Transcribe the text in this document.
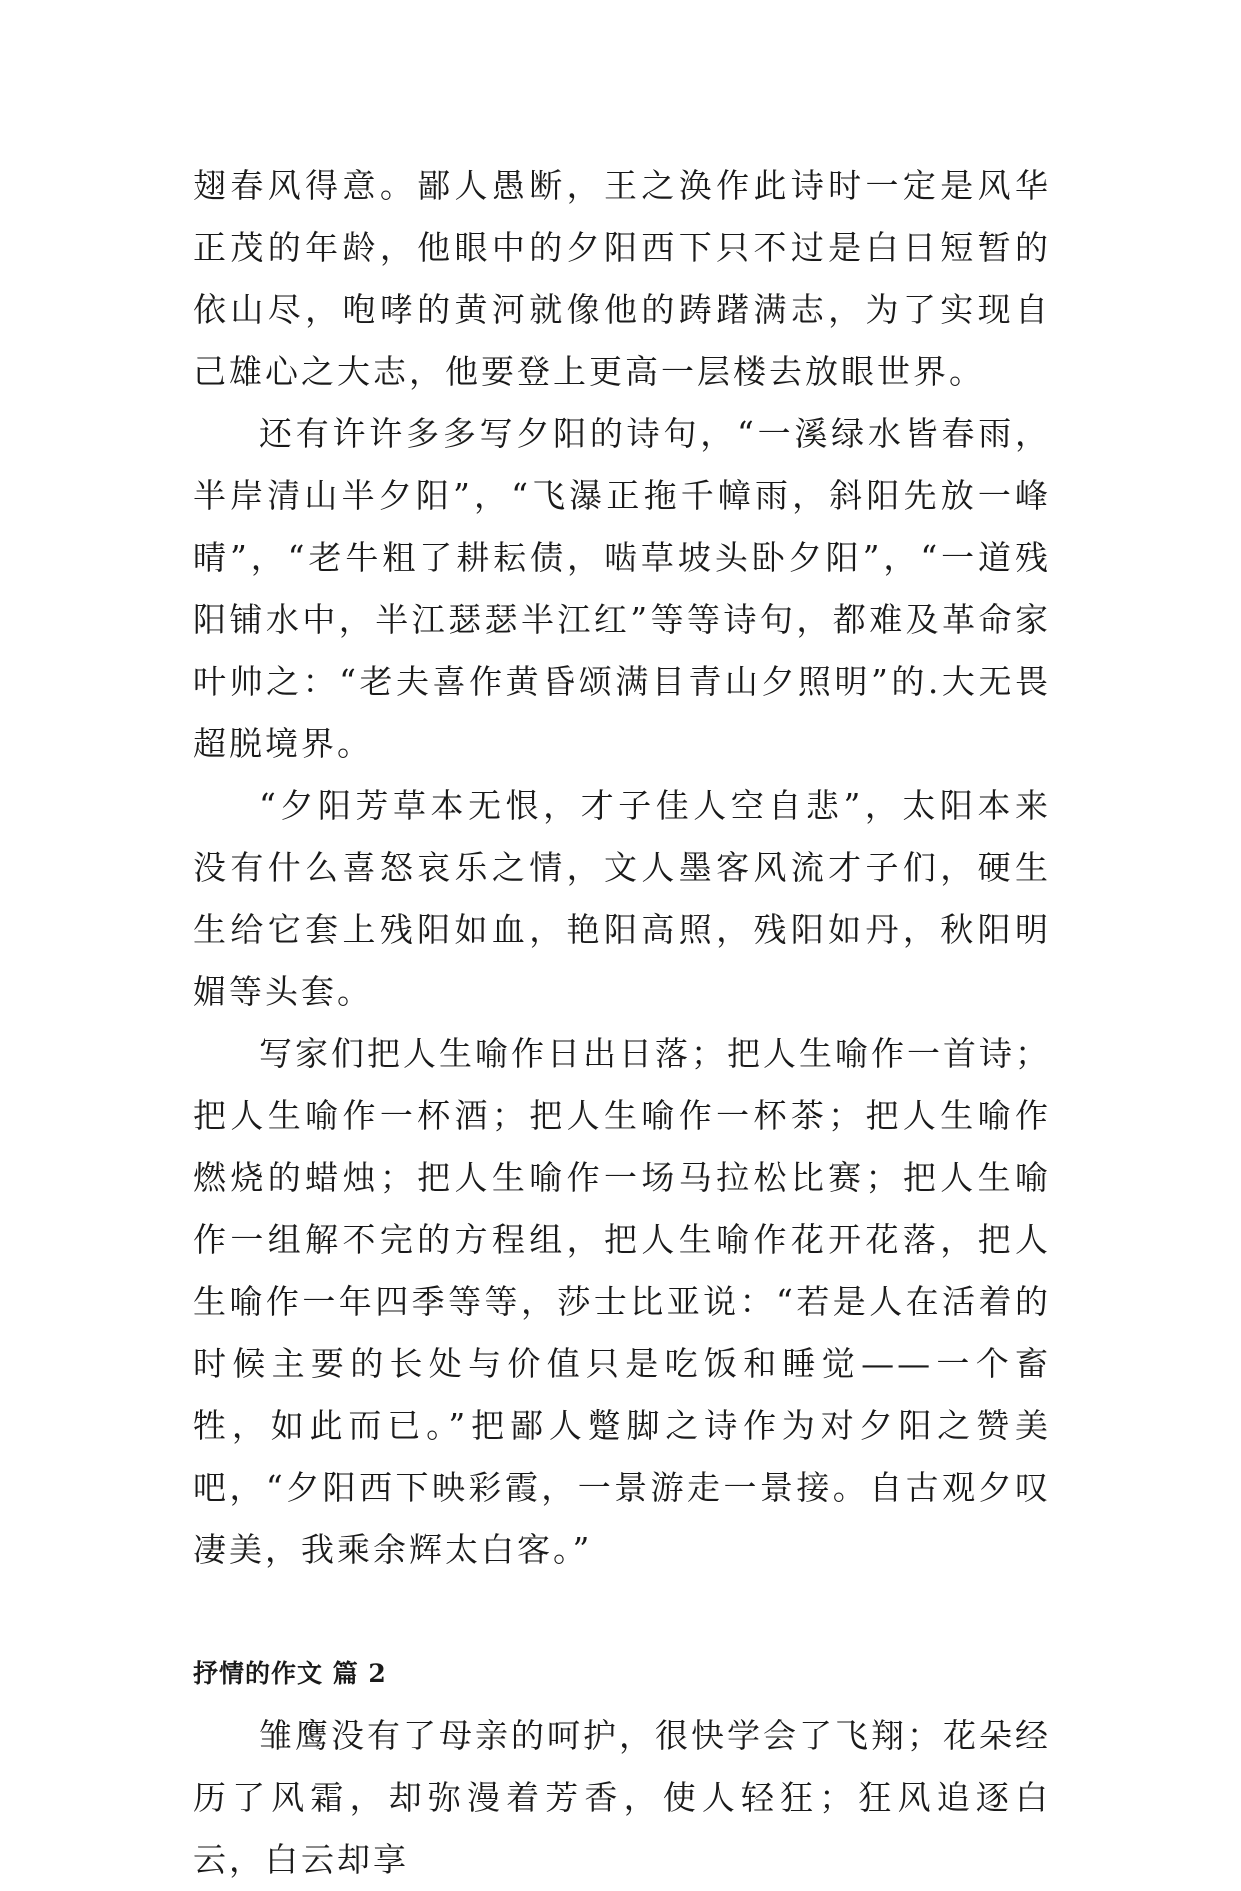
翅春风得意。鄙人愚断，王之涣作此诗时一定是风华正茂的年龄，他眼中的夕阳西下只不过是白日短暂的依山尽，咆哮的黄河就像他的踌躇满志，为了实现自己雄心之大志，他要登上更高一层楼去放眼世界。

还有许许多多写夕阳的诗句，“一溪绿水皆春雨，半岸清山半夕阳”，“飞瀑正拖千幛雨，斜阳先放一峰晴”，“老牛粗了耕耘债，啮草坡头卧夕阳”，“一道残阳铺水中，半江瑟瑟半江红”等等诗句，都难及革命家叶帅之：“老夫喜作黄昏颂满目青山夕照明”的.大无畏超脱境界。

“夕阳芳草本无恨，才子佳人空自悲”，太阳本来没有什么喜怒哀乐之情，文人墨客风流才子们，硬生生给它套上残阳如血，艳阳高照，残阳如丹，秋阳明媚等头套。

写家们把人生喻作日出日落；把人生喻作一首诗；把人生喻作一杯酒；把人生喻作一杯茶；把人生喻作燃烧的蜡烛；把人生喻作一场马拉松比赛；把人生喻作一组解不完的方程组，把人生喻作花开花落，把人生喻作一年四季等等，莎士比亚说：“若是人在活着的时候主要的长处与价值只是吃饭和睡觉——一个畜牲，如此而已。”把鄙人蹩脚之诗作为对夕阳之赞美吧，“夕阳西下映彩霞，一景游走一景接。自古观夕叹凄美，我乘余辉太白客。”

抒情的作文 篇 2

雏鹰没有了母亲的呵护，很快学会了飞翔；花朵经历了风霜，却弥漫着芳香，使人轻狂；狂风追逐白云，白云却享
